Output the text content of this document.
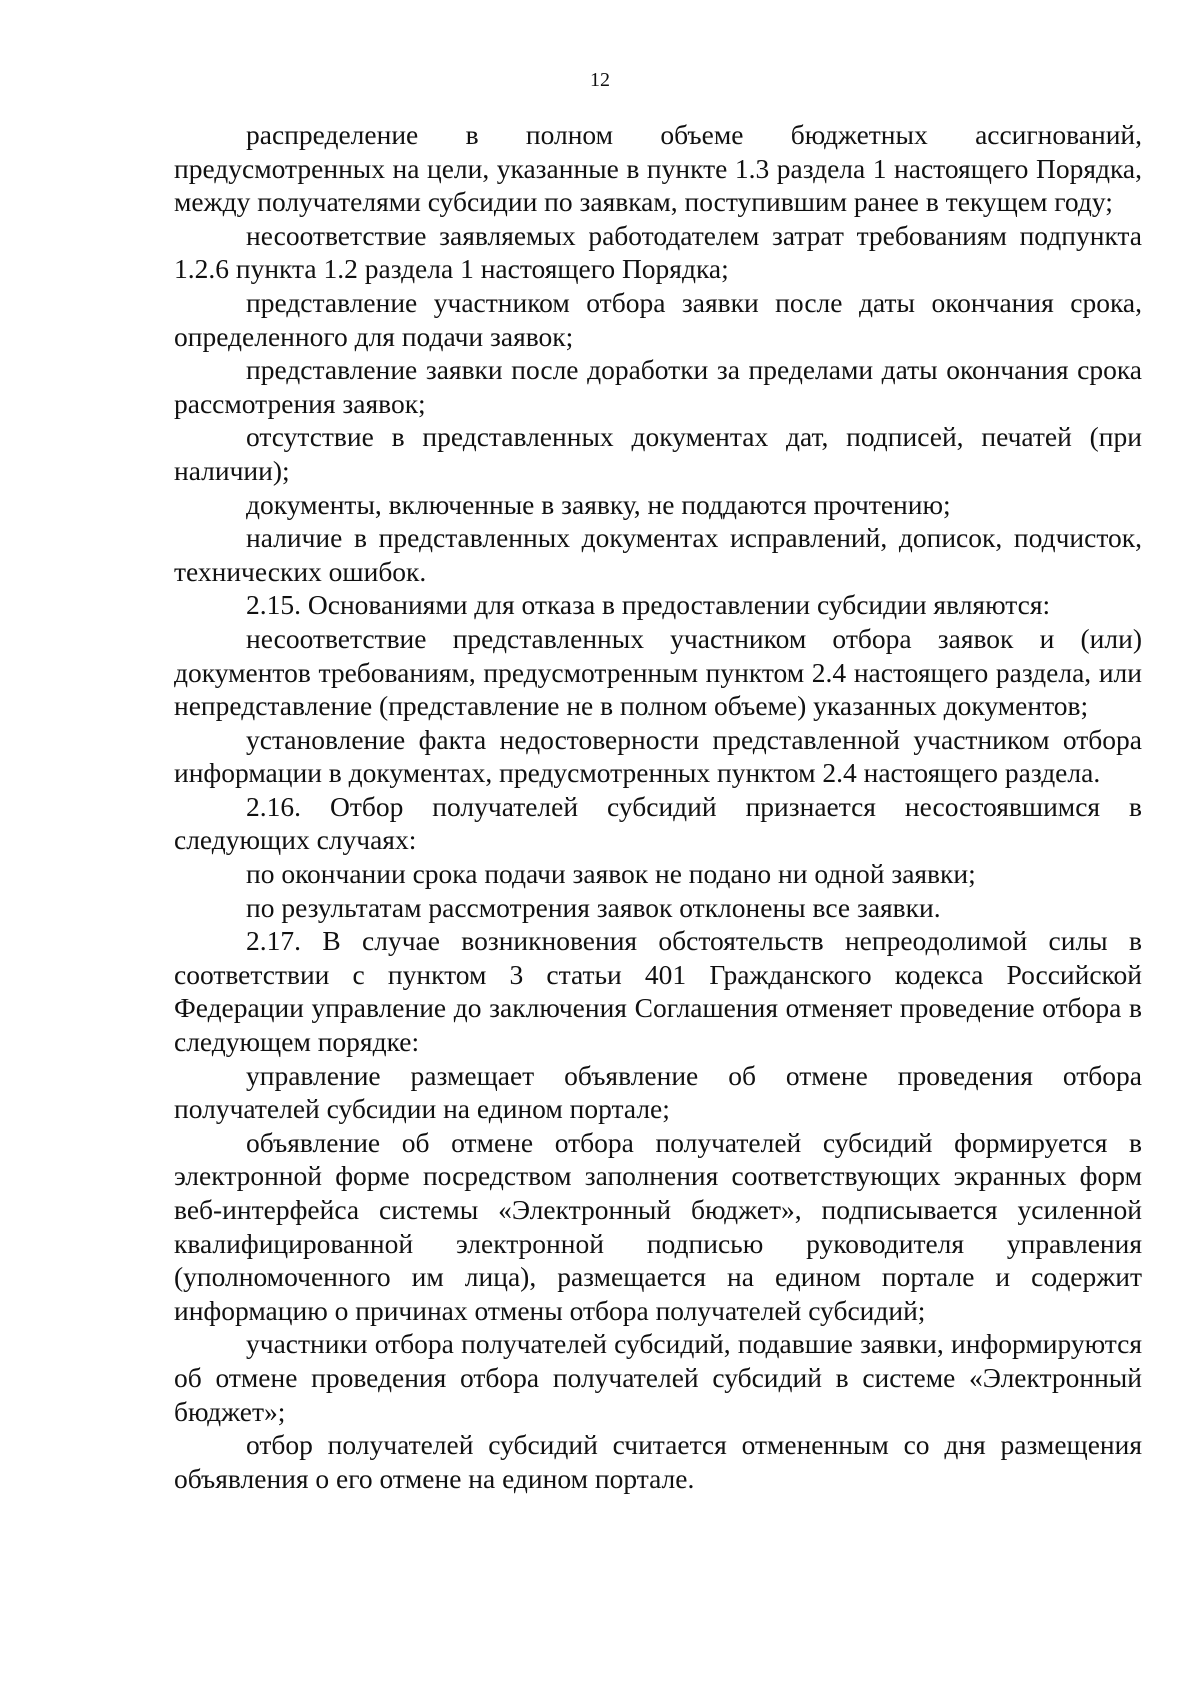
12

распределение в полном объеме бюджетных ассигнований, предусмотренных на цели, указанные в пункте 1.3 раздела 1 настоящего Порядка, между получателями субсидии по заявкам, поступившим ранее в текущем году;

несоответствие заявляемых работодателем затрат требованиям подпункта 1.2.6 пункта 1.2 раздела 1 настоящего Порядка;

представление участником отбора заявки после даты окончания срока, определенного для подачи заявок;

представление заявки после доработки за пределами даты окончания срока рассмотрения заявок;

отсутствие в представленных документах дат, подписей, печатей (при наличии);

документы, включенные в заявку, не поддаются прочтению;

наличие в представленных документах исправлений, дописок, подчисток, технических ошибок.

2.15. Основаниями для отказа в предоставлении субсидии являются:

несоответствие представленных участником отбора заявок и (или) документов требованиям, предусмотренным пунктом 2.4 настоящего раздела, или непредставление (представление не в полном объеме) указанных документов;

установление факта недостоверности представленной участником отбора информации в документах, предусмотренных пунктом 2.4 настоящего раздела.

2.16. Отбор получателей субсидий признается несостоявшимся в следующих случаях:

по окончании срока подачи заявок не подано ни одной заявки;

по результатам рассмотрения заявок отклонены все заявки.

2.17. В случае возникновения обстоятельств непреодолимой силы в соответствии с пунктом 3 статьи 401 Гражданского кодекса Российской Федерации управление до заключения Соглашения отменяет проведение отбора в следующем порядке:

управление размещает объявление об отмене проведения отбора получателей субсидии на едином портале;

объявление об отмене отбора получателей субсидий формируется в электронной форме посредством заполнения соответствующих экранных форм веб-интерфейса системы «Электронный бюджет», подписывается усиленной квалифицированной электронной подписью руководителя управления (уполномоченного им лица), размещается на едином портале и содержит информацию о причинах отмены отбора получателей субсидий;

участники отбора получателей субсидий, подавшие заявки, информируются об отмене проведения отбора получателей субсидий в системе «Электронный бюджет»;

отбор получателей субсидий считается отмененным со дня размещения объявления о его отмене на едином портале.
